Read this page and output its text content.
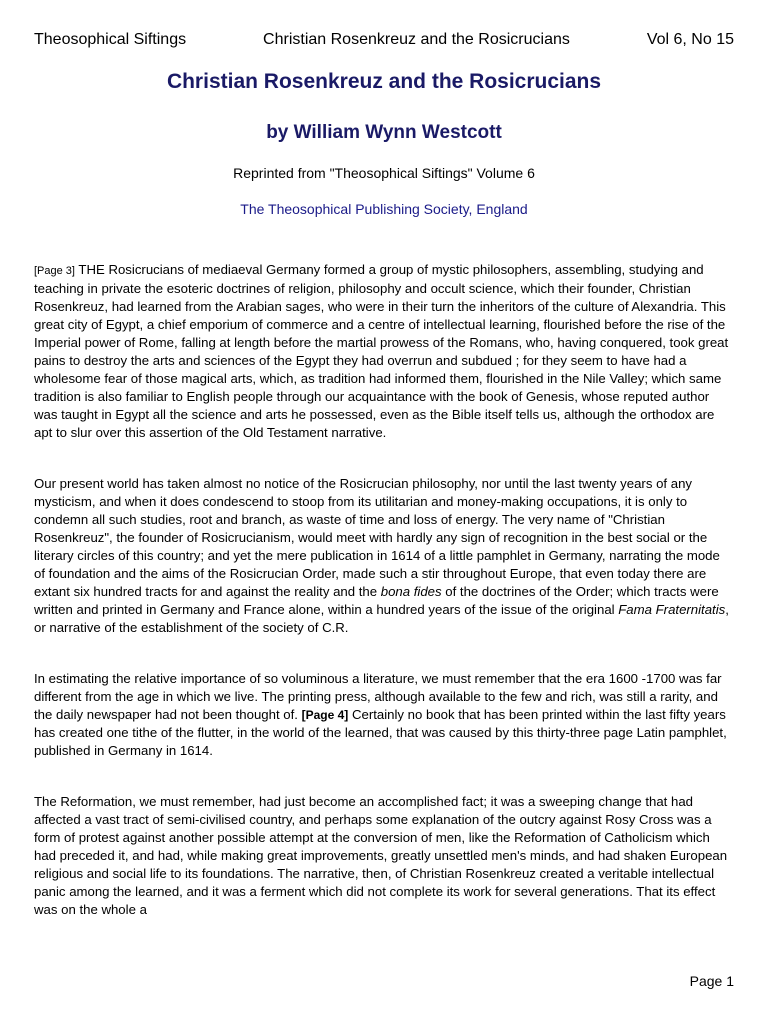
Theosophical Siftings	Christian Rosenkreuz and the Rosicrucians	Vol 6, No 15
Christian Rosenkreuz and the Rosicrucians
by William Wynn Westcott
Reprinted from "Theosophical Siftings" Volume 6
The Theosophical Publishing Society, England

[Page 3] THE Rosicrucians of mediaeval Germany formed a group of mystic philosophers, assembling, studying and teaching in private the esoteric doctrines of religion, philosophy and occult science, which their founder, Christian Rosenkreuz, had learned from the Arabian sages, who were in their turn the inheritors of the culture of Alexandria. This great city of Egypt, a chief emporium of commerce and a centre of intellectual learning, flourished before the rise of the Imperial power of Rome, falling at length before the martial prowess of the Romans, who, having conquered, took great pains to destroy the arts and sciences of the Egypt they had overrun and subdued ; for they seem to have had a wholesome fear of those magical arts, which, as tradition had informed them, flourished in the Nile Valley; which same tradition is also familiar to English people through our acquaintance with the book of Genesis, whose reputed author was taught in Egypt all the science and arts he possessed, even as the Bible itself tells us, although the orthodox are apt to slur over this assertion of the Old Testament narrative.

Our present world has taken almost no notice of the Rosicrucian philosophy, nor until the last twenty years of any mysticism, and when it does condescend to stoop from its utilitarian and money-making occupations, it is only to condemn all such studies, root and branch, as waste of time and loss of energy. The very name of "Christian Rosenkreuz", the founder of Rosicrucianism, would meet with hardly any sign of recognition in the best social or the literary circles of this country; and yet the mere publication in 1614 of a little pamphlet in Germany, narrating the mode of foundation and the aims of the Rosicrucian Order, made such a stir throughout Europe, that even today there are extant six hundred tracts for and against the reality and the bona fides of the doctrines of the Order; which tracts were written and printed in Germany and France alone, within a hundred years of the issue of the original Fama Fraternitatis, or narrative of the establishment of the society of C.R.

In estimating the relative importance of so voluminous a literature, we must remember that the era 1600 -1700 was far different from the age in which we live. The printing press, although available to the few and rich, was still a rarity, and the daily newspaper had not been thought of. [Page 4] Certainly no book that has been printed within the last fifty years has created one tithe of the flutter, in the world of the learned, that was caused by this thirty-three page Latin pamphlet, published in Germany in 1614.

The Reformation, we must remember, had just become an accomplished fact; it was a sweeping change that had affected a vast tract of semi-civilised country, and perhaps some explanation of the outcry against Rosy Cross was a form of protest against another possible attempt at the conversion of men, like the Reformation of Catholicism which had preceded it, and had, while making great improvements, greatly unsettled men's minds, and had shaken European religious and social life to its foundations. The narrative, then, of Christian Rosenkreuz created a veritable intellectual panic among the learned, and it was a ferment which did not complete its work for several generations. That its effect was on the whole a

Page 1
